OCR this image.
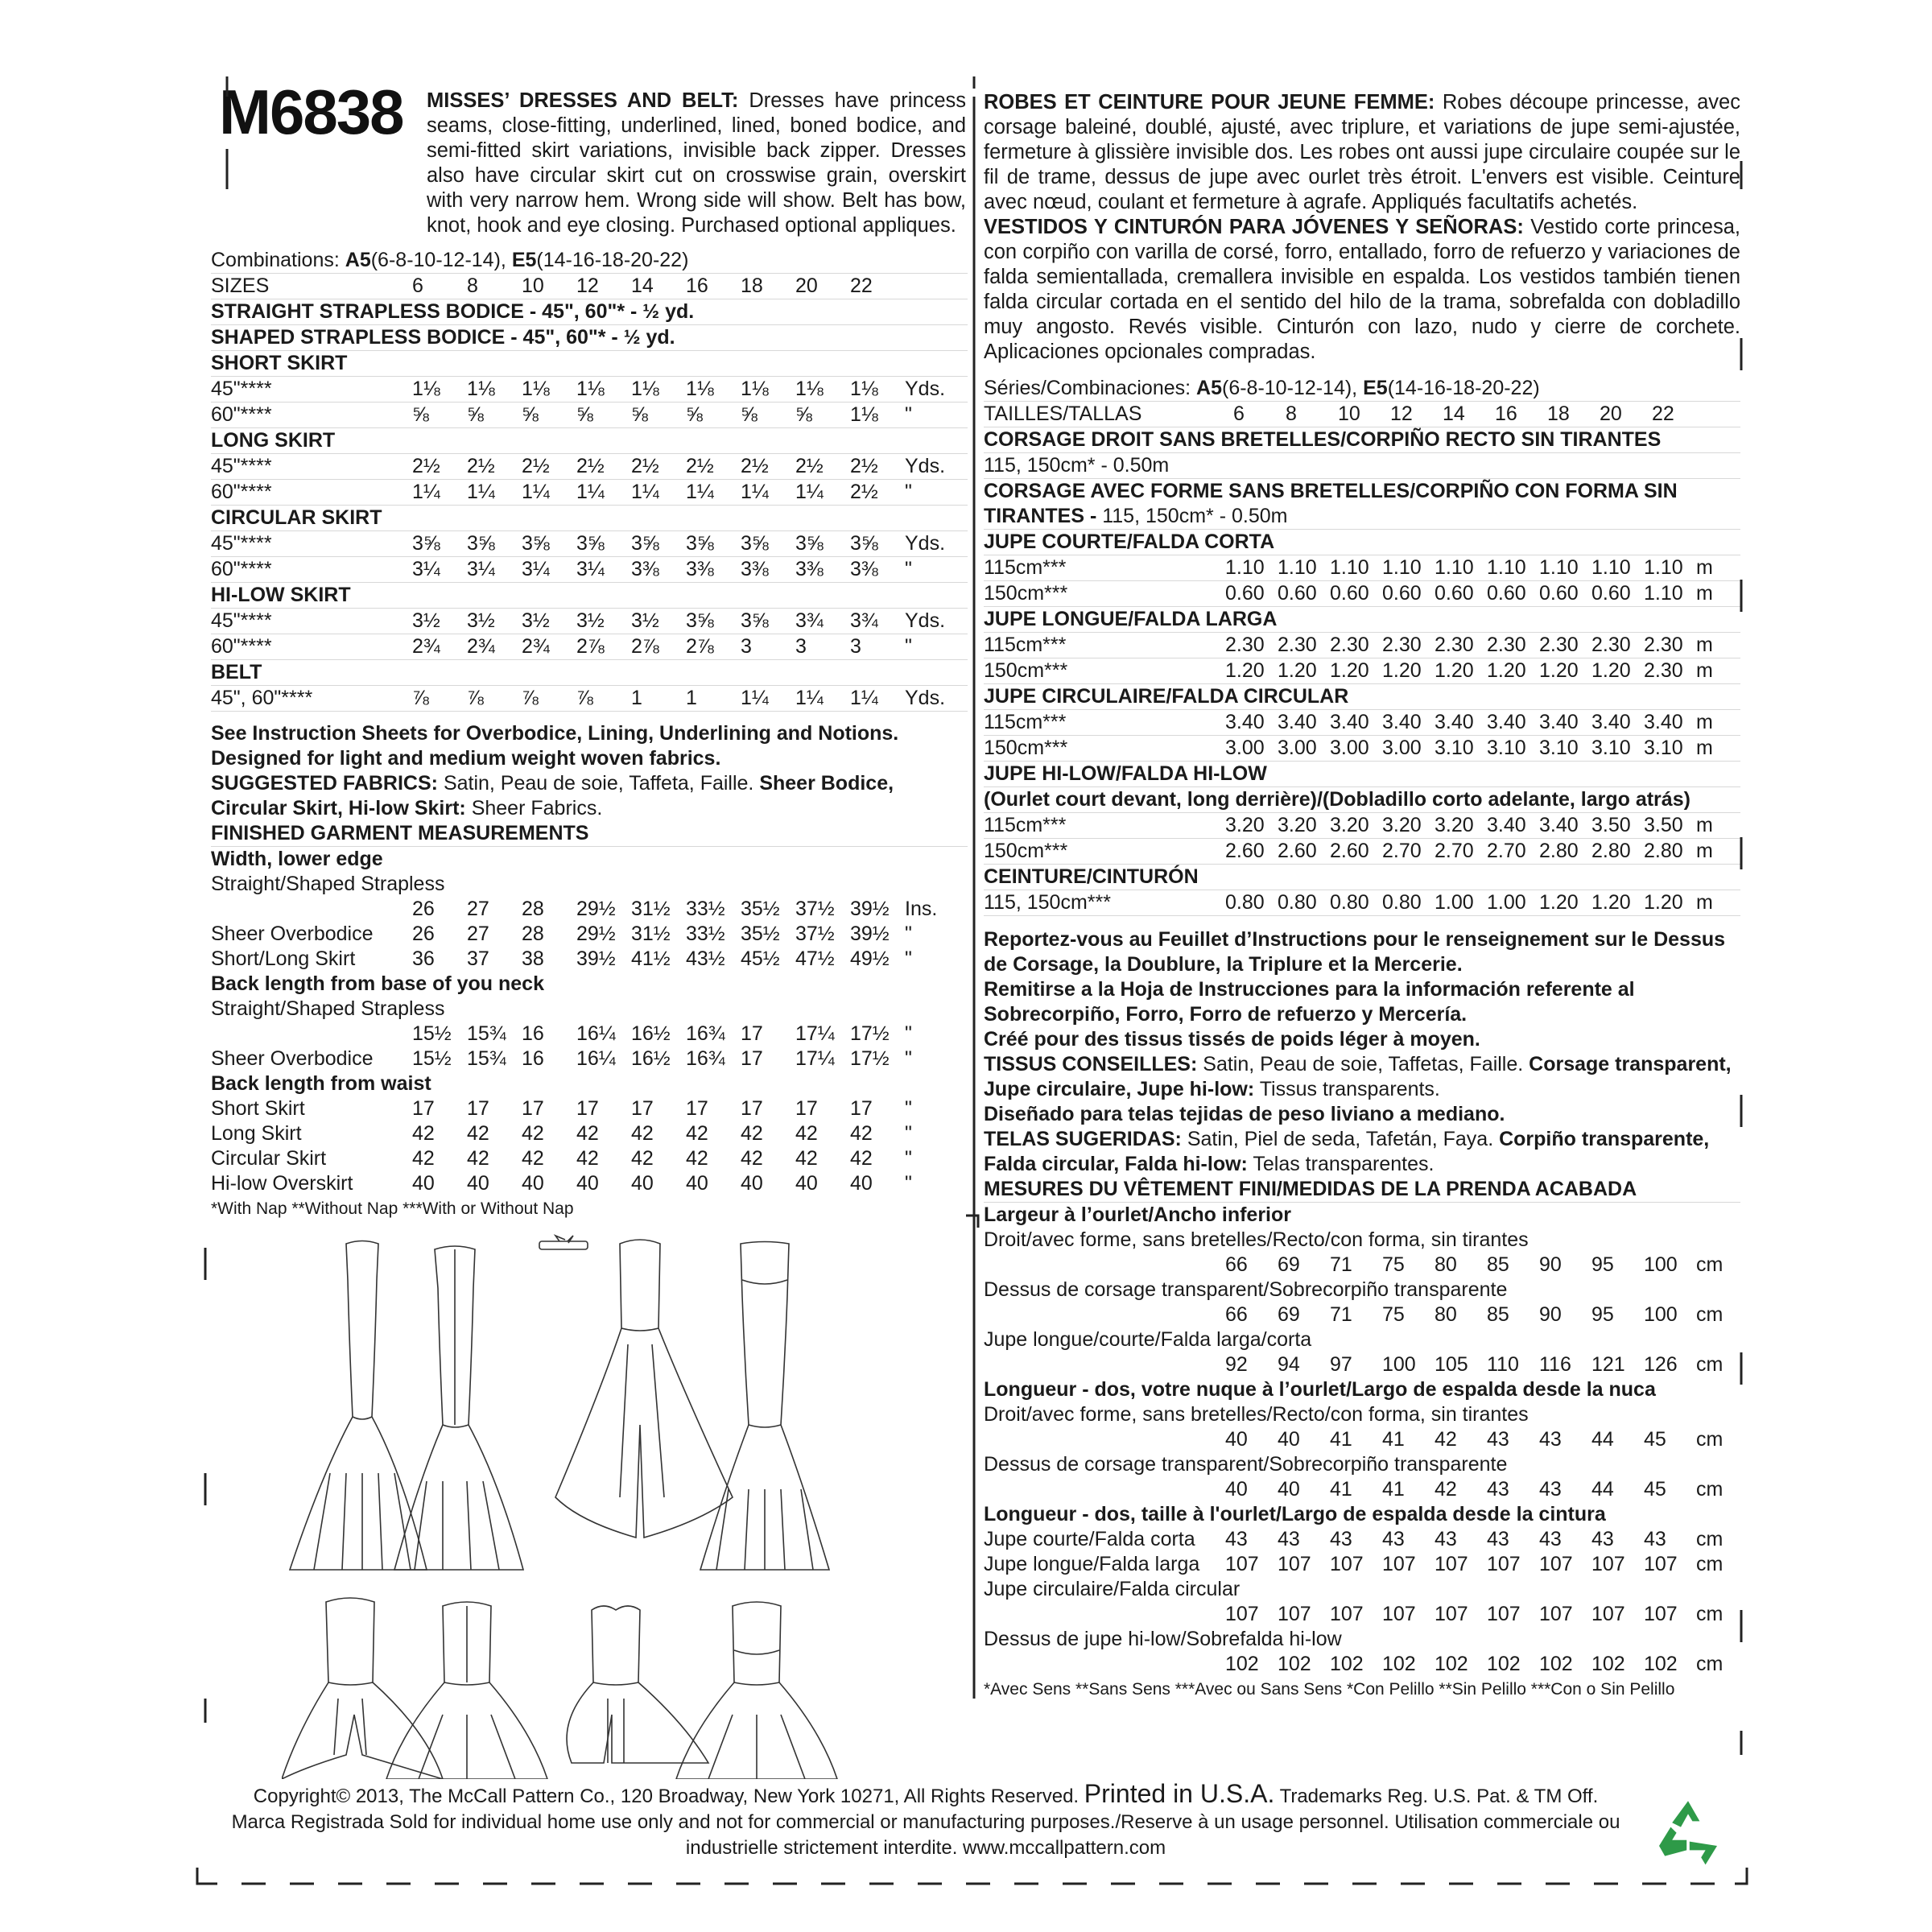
M6838 MISSES’ DRESSES AND BELT: Dresses have princess seams, close-fitting, underlined, lined, boned bodice, and semi-fitted skirt variations, invisible back zipper. Dresses also have circular skirt cut on crosswise grain, overskirt with very narrow hem. Wrong side will show. Belt has bow, knot, hook and eye closing. Purchased optional appliques.

Combinations: A5(6-8-10-12-14), E5(14-16-18-20-22)
SIZES	6	8	10	12	14	16	18	20	22
STRAIGHT STRAPLESS BODICE - 45", 60"* - ½ yd.
SHAPED STRAPLESS BODICE - 45", 60"* - ½ yd.
SHORT SKIRT
45"****	1⅛	1⅛	1⅛	1⅛	1⅛	1⅛	1⅛	1⅛	1⅛	Yds.
60"****	⅝	⅝	⅝	⅝	⅝	⅝	⅝	⅝	1⅛	"
LONG SKIRT
45"****	2½	2½	2½	2½	2½	2½	2½	2½	2½	Yds.
60"****	1¼	1¼	1¼	1¼	1¼	1¼	1¼	1¼	2½	"
CIRCULAR SKIRT
45"****	3⅝	3⅝	3⅝	3⅝	3⅝	3⅝	3⅝	3⅝	3⅝	Yds.
60"****	3¼	3¼	3¼	3¼	3⅜	3⅜	3⅜	3⅜	3⅜	"
HI-LOW SKIRT
45"****	3½	3½	3½	3½	3½	3⅝	3⅝	3¾	3¾	Yds.
60"****	2¾	2¾	2¾	2⅞	2⅞	2⅞	3	3	3	"
BELT
45", 60"****	⅞	⅞	⅞	⅞	1	1	1¼	1¼	1¼	Yds.

See Instruction Sheets for Overbodice, Lining, Underlining and Notions.

Designed for light and medium weight woven fabrics.

SUGGESTED FABRICS: Satin, Peau de soie, Taffeta, Faille. Sheer Bodice, Circular Skirt, Hi-low Skirt: Sheer Fabrics.

FINISHED GARMENT MEASUREMENTS
Width, lower edge
Straight/Shaped Strapless
26	27	28	29½ 31½ 33½ 35½ 37½ 39½ Ins.
Sheer Overbodice	26	27	28	29½ 31½ 33½ 35½ 37½ 39½ "
Short/Long Skirt	36	37	38	39½ 41½ 43½ 45½ 47½ 49½ "
Back length from base of you neck
Straight/Shaped Strapless
15½ 15¾ 16	16¼ 16½ 16¾ 17	17¼ 17½ "
Sheer Overbodice	15½ 15¾ 16	16¼ 16½ 16¾ 17	17¼ 17½ "
Back length from waist
Short Skirt	17	17	17	17	17	17	17	17	17	"
Long Skirt	42	42	42	42	42	42	42	42	42	"
Circular Skirt	42	42	42	42	42	42	42	42	42	"
Hi-low Overskirt	40	40	40	40	40	40	40	40	40	"
*With Nap **Without Nap ***With or Without Nap

ROBES ET CEINTURE POUR JEUNE FEMME: Robes découpe princesse, avec corsage baleiné, doublé, ajusté, avec triplure, et variations de jupe semi-ajustée, fermeture à glissière invisible dos. Les robes ont aussi jupe circulaire coupée sur le fil de trame, dessus de jupe avec ourlet très étroit. L'envers est visible. Ceinture avec nœud, coulant et fermeture à agrafe. Appliqués facultatifs achetés.

VESTIDOS Y CINTURÓN PARA JÓVENES Y SEÑORAS: Vestido corte princesa, con corpiño con varilla de corsé, forro, entallado, forro de refuerzo y variaciones de falda semientallada, cremallera invisible en espalda. Los vestidos también tienen falda circular cortada en el sentido del hilo de la trama, sobrefalda con dobladillo muy angosto. Revés visible. Cinturón con lazo, nudo y cierre de corchete. Aplicaciones opcionales compradas.

Séries/Combinaciones: A5(6-8-10-12-14), E5(14-16-18-20-22)
TAILLES/TALLAS	6	8	10	12	14	16	18	20	22
CORSAGE DROIT SANS BRETELLES/CORPIÑO RECTO SIN TIRANTES
115, 150cm* - 0.50m
CORSAGE AVEC FORME SANS BRETELLES/CORPIÑO CON FORMA SIN
TIRANTES -
115, 150cm* - 0.50m
JUPE COURTE/FALDA CORTA
115cm***	1.10 1.10 1.10 1.10 1.10 1.10 1.10 1.10 1.10 m
150cm***	0.60 0.60 0.60 0.60 0.60 0.60 0.60 0.60 1.10 m
JUPE LONGUE/FALDA LARGA
115cm***	2.30 2.30 2.30 2.30 2.30 2.30 2.30 2.30 2.30 m
150cm***	1.20 1.20 1.20 1.20 1.20 1.20 1.20 1.20 2.30 m
JUPE CIRCULAIRE/FALDA CIRCULAR
115cm***	3.40 3.40 3.40 3.40 3.40 3.40 3.40 3.40 3.40 m
150cm***	3.00 3.00 3.00 3.00 3.10 3.10 3.10 3.10 3.10 m
JUPE HI-LOW/FALDA HI-LOW
(Ourlet court devant, long derrière)/(Dobladillo corto adelante, largo atrás)
115cm***	3.20 3.20 3.20 3.20 3.20 3.40 3.40 3.50 3.50 m
150cm***	2.60 2.60 2.60 2.70 2.70 2.70 2.80 2.80 2.80 m
CEINTURE/CINTURÓN
115, 150cm***	0.80 0.80 0.80 0.80 1.00 1.00 1.20 1.20 1.20 m

Reportez-vous au Feuillet d’Instructions pour le renseignement sur le Dessus de Corsage, la Doublure, la Triplure et la Mercerie.

Remitirse a la Hoja de Instrucciones para la información referente al Sobrecorpiño, Forro, Forro de refuerzo y Mercería.

Créé pour des tissus tissés de poids léger à moyen.

TISSUS CONSEILLES: Satin, Peau de soie, Taffetas, Faille. Corsage transparent, Jupe circulaire, Jupe hi-low: Tissus transparents.

Diseñado para telas tejidas de peso liviano a mediano.

TELAS SUGERIDAS: Satin, Piel de seda, Tafetán, Faya. Corpiño transparente, Falda circular, Falda hi-low: Telas transparentes.

MESURES DU VÊTEMENT FINI/MEDIDAS DE LA PRENDA ACABADA
Largeur à l’ourlet/Ancho inferior
Droit/avec forme, sans bretelles/Recto/con forma, sin tirantes
66	69	71	75	80	85	90	95	100 cm
Dessus de corsage transparent/Sobrecorpiño transparente
66	69	71	75	80	85	90	95	100 cm
Jupe longue/courte/Falda larga/corta
92	94	97	100 105 110	116	121 126 cm
Longueur - dos, votre nuque à l’ourlet/Largo de espalda desde la nuca
Droit/avec forme, sans bretelles/Recto/con forma, sin tirantes
40	40	41	41	42	43	43	44	45	cm
Dessus de corsage transparent/Sobrecorpiño transparente
40	40	41	41	42	43	43	44	45	cm
Longueur - dos, taille à l'ourlet/Largo de espalda desde la cintura
Jupe courte/Falda corta	43	43	43	43	43	43	43	43	43	cm
Jupe longue/Falda larga	107 107 107 107 107 107 107 107 107 cm
Jupe circulaire/Falda circular
107 107 107 107 107 107 107 107 107 cm
Dessus de jupe hi-low/Sobrefalda hi-low
102 102 102 102 102 102 102 102 102 cm
*Avec Sens **Sans Sens ***Avec ou Sans Sens *Con Pelillo **Sin Pelillo ***Con o Sin Pelillo
Copyright© 2013, The McCall Pattern Co., 120 Broadway, New York 10271, All Rights Reserved. Printed in U.S.A. Trademarks Reg. U.S. Pat. & TM Off.
Marca Registrada Sold for individual home use only and not for commercial or manufacturing purposes./Reserve à un usage personnel. Utilisation commerciale ou
industrielle strictement interdite. www.mccallpattern.com
